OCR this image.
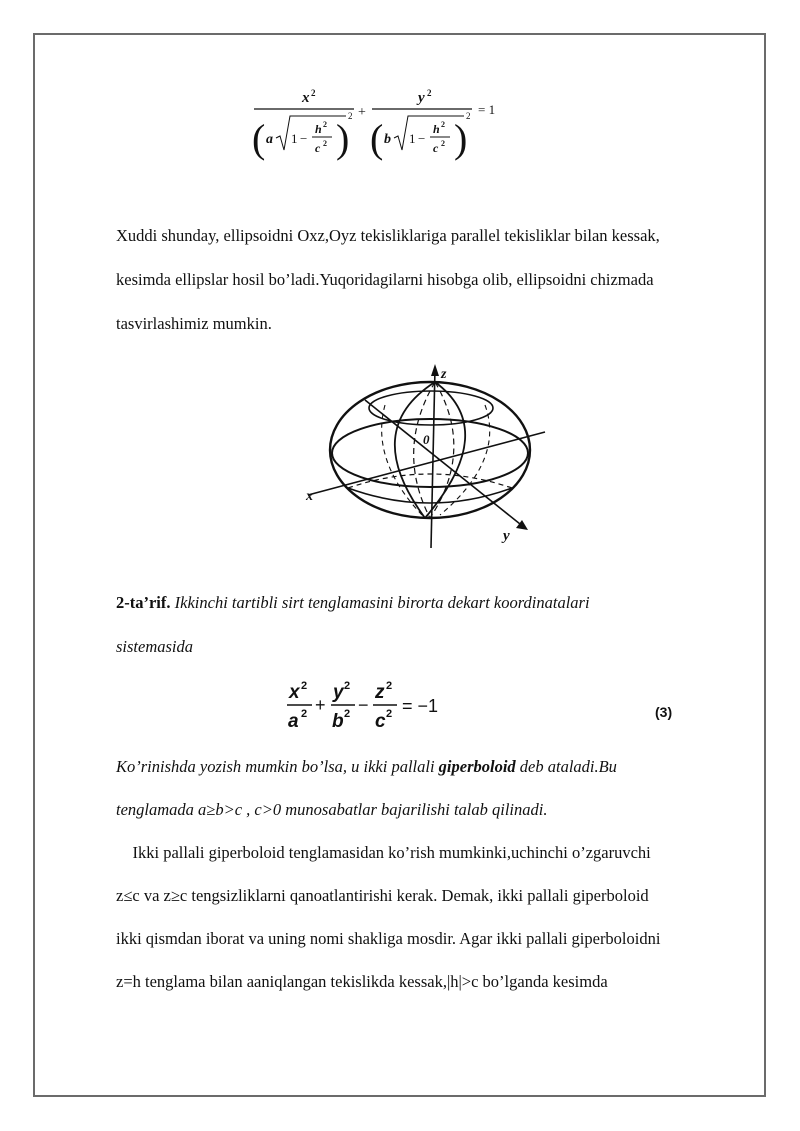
x 2
( a 1 −
h 2
c 2 )
2 +
y 2
( b 1 −
h 2
c 2 )
2 = 1
Xuddi shunday, ellipsoidni Oxz,Oyz tekisliklariga parallel tekisliklar bilan kessak,
kesimda ellipslar hosil bo’ladi.Yuqoridagilarni hisobga olib, ellipsoidni chizmada
tasvirlashimiz mumkin.
z
0
x
y
2-ta’rif. Ikkinchi tartibli sirt tenglamasini birorta dekart koordinatalari
sistemasida
x 2
a 2 +
y 2
b 2 −
z 2
c 2 = −1	(3)
Ko’rinishda yozish mumkin bo’lsa, u ikki pallali giperboloid deb ataladi.Bu
tenglamada a≥b>c , c>0 munosabatlar bajarilishi talab qilinadi.
Ikki pallali giperboloid tenglamasidan ko’rish mumkinki,uchinchi o’zgaruvchi
z≤c va z≥c tengsizliklarni qanoatlantirishi kerak. Demak, ikki pallali giperboloid
ikki qismdan iborat va uning nomi shakliga mosdir. Agar ikki pallali giperboloidni
z=h tenglama bilan aaniqlangan tekislikda kessak,|h|>c bo’lganda kesimda
